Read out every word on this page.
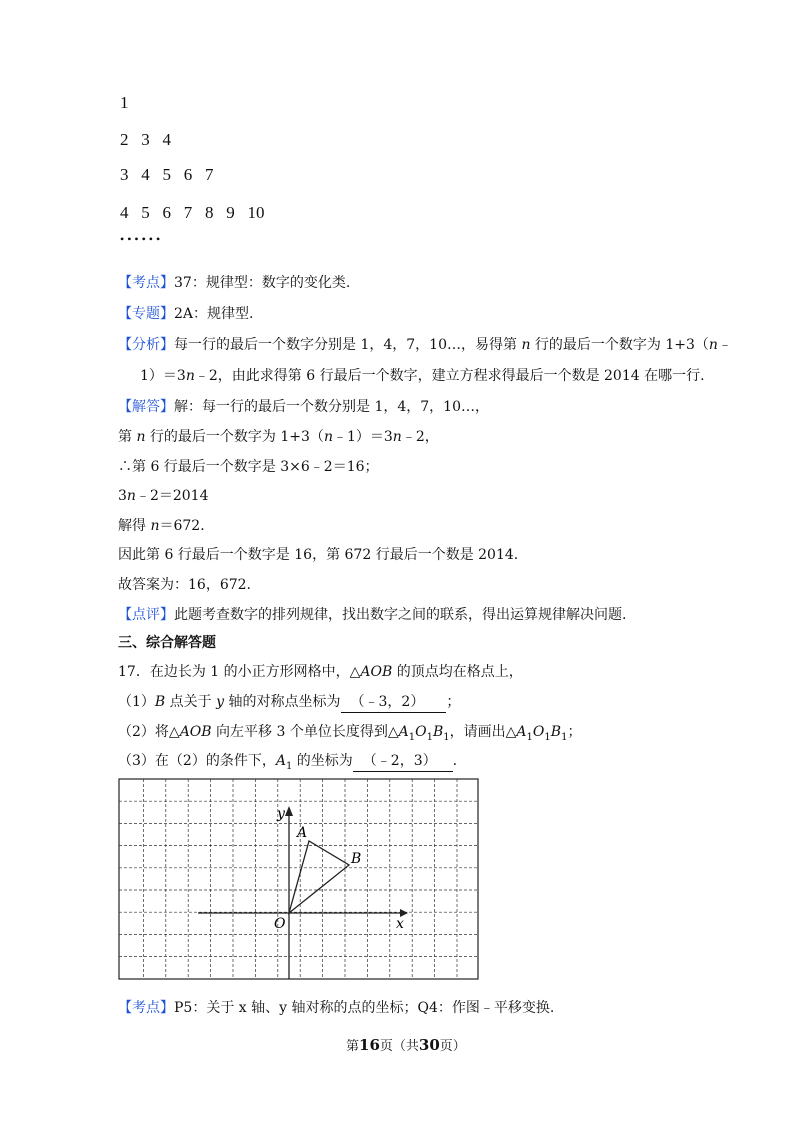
1
2   3   4
3   4   5   6   7
4   5   6   7   8   9   10
• • • • • •
【考点】37：规律型：数字的变化类.
【专题】2A：规律型.
【分析】每一行的最后一个数字分别是 1，4，7，10…，易得第 n 行的最后一个数字为 1+3（n﹣
1）＝3n﹣2，由此求得第 6 行最后一个数字，建立方程求得最后一个数是 2014 在哪一行.
【解答】解：每一行的最后一个数分别是 1，4，7，10…，
第 n 行的最后一个数字为 1+3（n﹣1）＝3n﹣2，
∴第 6 行最后一个数字是 3×6﹣2＝16；
3n﹣2＝2014
解得 n＝672.
因此第 6 行最后一个数字是 16，第 672 行最后一个数是 2014.
故答案为：16，672.
【点评】此题考查数字的排列规律，找出数字之间的联系，得出运算规律解决问题.
三、综合解答题
17．在边长为 1 的小正方形网格中，△AOB 的顶点均在格点上，
（1）B 点关于 y 轴的对称点坐标为 （﹣3，2） ；
（2）将△AOB 向左平移 3 个单位长度得到$\triangle A_1O_1B_1$，请画出$\triangle A_1O_1B_1$；
（3）在（2）的条件下，$A_1$ 的坐标为 （﹣2，3） .
y
x
O
A
B
【考点】P5：关于 x 轴、y 轴对称的点的坐标；Q4：作图﹣平移变换.
第16页（共30页）
